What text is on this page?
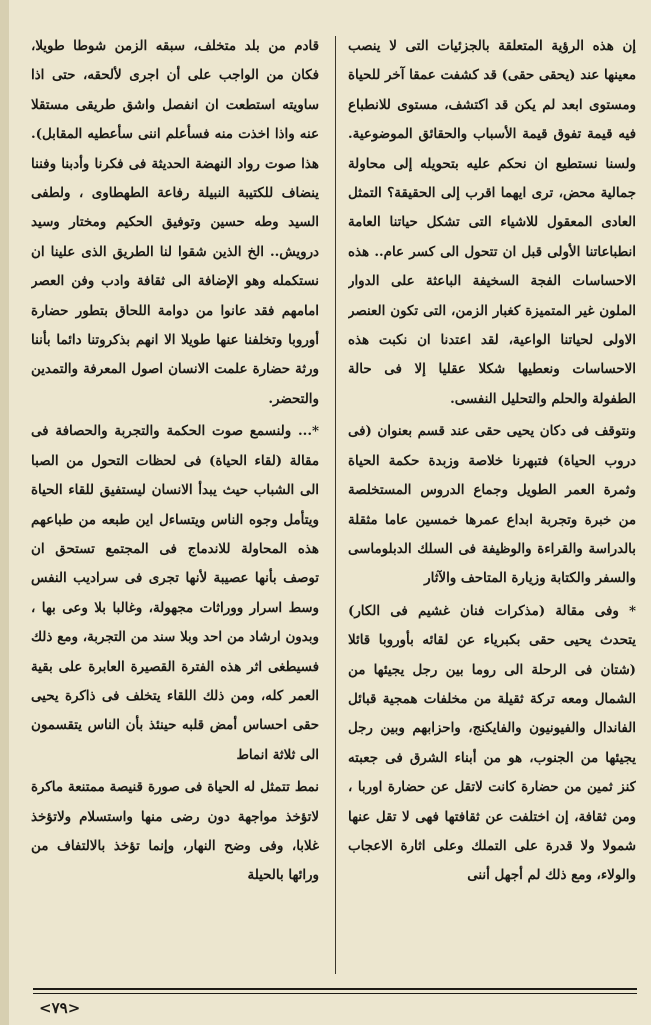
إن هذه الرؤية المتعلقة بالجزئيات التى لا ينصب معينها عند (يحقى حقى) قد كشفت عمقا آخر للحياة ومستوى ابعد لم يكن قد اكتشف، مستوى للانطباع فيه قيمة تفوق قيمة الأسباب والحقائق الموضوعية. ولسنا نستطيع ان نحكم عليه بتحويله إلى محاولة جمالية محض، ترى ايهما اقرب إلى الحقيقة؟ التمثل العادى المعقول للاشياء التى تشكل حياتنا العامة انطباعاتنا الأولى قبل ان تتحول الى كسر عام.. هذه الاحساسات الفجة السخيفة الباعثة على الدوار الملون غير المتميزة كغبار الزمن، التى تكون العنصر الاولى لحياتنا الواعية، لقد اعتدنا ان نكبت هذه الاحساسات ونعطيها شكلا عقليا إلا فى حالة الطفولة والحلم والتحليل النفسى.

ونتوقف فى دكان يحيى حقى عند قسم بعنوان (فى دروب الحياة) فتبهرنا خلاصة وزبدة حكمة الحياة وثمرة العمر الطويل وجماع الدروس المستخلصة من خبرة وتجربة ابداع عمرها خمسين عاما مثقلة بالدراسة والقراءة والوظيفة فى السلك الدبلوماسى والسفر والكتابة وزيارة المتاحف والآثار

* وفى مقالة (مذكرات فنان غشيم فى الكار) يتحدث يحيى حقى بكبرياء عن لقائه بأوروبا قائلا (شتان فى الرحلة الى روما بين رجل يجيئها من الشمال ومعه تركة ثقيلة من مخلفات همجية قبائل الفاندال والفيونيون والفايكنج، واحزابهم وبين رجل يجيئها من الجنوب، هو من أبناء الشرق فى جعبته كنز ثمين من حضارة كانت لاتقل عن حضارة اوربا ، ومن ثقافة، إن اختلفت عن ثقافتها فهى لا تقل عنها شمولا ولا قدرة على التملك وعلى اثارة الاعجاب والولاء، ومع ذلك لم أجهل أننى

قادم من بلد متخلف، سبقه الزمن شوطا طويلا، فكان من الواجب على أن اجرى لألحقه، حتى اذا ساويته استطعت ان انفصل واشق طريقى مستقلا عنه واذا اخذت منه فسأعلم اننى سأعطيه المقابل). هذا صوت رواد النهضة الحديثة فى فكرنا وأدبنا وفننا ينضاف للكتيبة النبيلة رفاعة الطهطاوى ، ولطفى السيد وطه حسين وتوفيق الحكيم ومختار وسيد درويش.. الخ الذين شقوا لنا الطريق الذى علينا ان نستكمله وهو الإضافة الى ثقافة وادب وفن العصر امامهم فقد عانوا من دوامة اللحاق بتطور حضارة أوروبا وتخلفنا عنها طويلا الا انهم بذكروتنا دائما بأننا ورثة حضارة علمت الانسان اصول المعرفة والتمدين والتحضر.

*... ولنسمع صوت الحكمة والتجربة والحصافة فى مقالة (لقاء الحياة) فى لحظات التحول من الصبا الى الشباب حيث يبدأ الانسان ليستفيق للقاء الحياة ويتأمل وجوه الناس ويتساءل اين طبعه من طباعهم هذه المحاولة للاندماج فى المجتمع تستحق ان توصف بأنها عصيبة لأنها تجرى فى سراديب النفس وسط اسرار ووراثات مجهولة، وغالبا بلا وعى بها ، وبدون ارشاد من احد وبلا سند من التجربة، ومع ذلك فسيطغى اثر هذه الفترة القصيرة العابرة على بقية العمر كله، ومن ذلك اللقاء يتخلف فى ذاكرة يحيى حقى احساس أمض قلبه حينئذ بأن الناس يتقسمون الى ثلاثة انماط

نمط تتمثل له الحياة فى صورة قنيصة ممتنعة ماكرة لاتؤخذ مواجهة دون رضى منها واستسلام ولاتؤخذ غلابا، وفى وضح النهار، وإنما تؤخذ بالالتفاف من ورائها بالحيلة

<٧٩>
